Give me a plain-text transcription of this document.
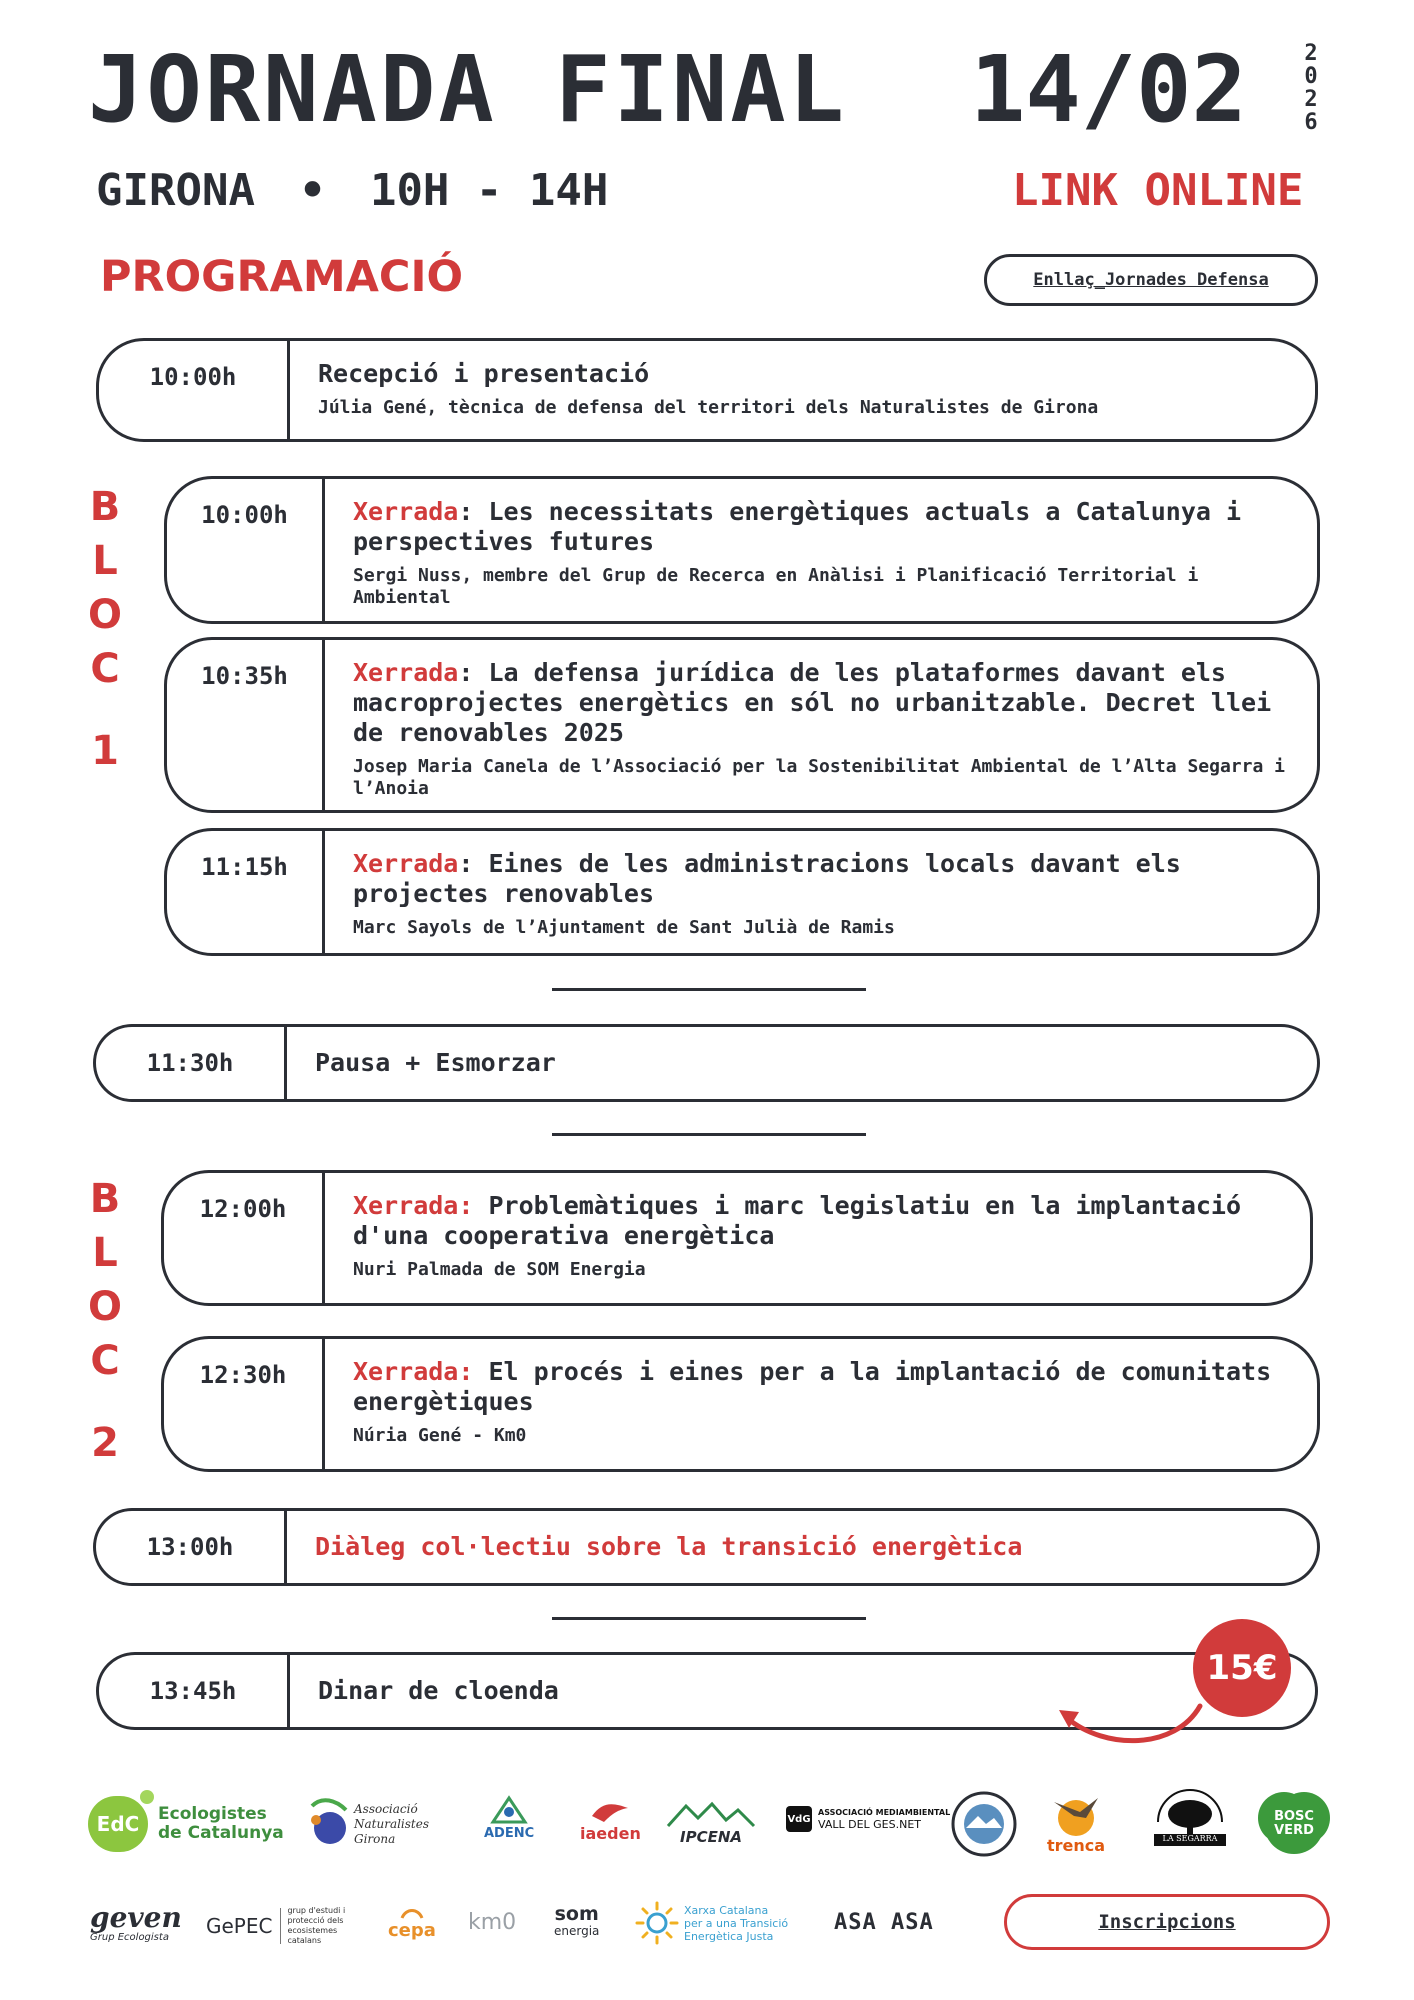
JORNADA FINAL 14/02	2
0
2
6
GIRONA • 10H - 14H	LINK ONLINE
PROGRAMACIÓ	Enllaç_Jornades Defensa
10:00h	Recepció i presentació
Júlia Gené, tècnica de defensa del territori dels Naturalistes de Girona
B
L
O
C
1
10:00h	Xerrada: Les necessitats energètiques actuals a Catalunya i perspectives futures
Sergi Nuss, membre del Grup de Recerca en Anàlisi i Planificació Territorial i Ambiental
10:35h	Xerrada: La defensa jurídica de les plataformes davant els macroprojectes energètics en sól no urbanitzable. Decret llei de renovables 2025
Josep Maria Canela de l’Associació per la Sostenibilitat Ambiental de l’Alta Segarra i l’Anoia
11:15h	Xerrada: Eines de les administracions locals davant els projectes renovables
Marc Sayols de l’Ajuntament de Sant Julià de Ramis
11:30h	Pausa + Esmorzar
B
L
O
C
2
12:00h	Xerrada: Problemàtiques i marc legislatiu en la implantació d'una cooperativa energètica
Nuri Palmada de SOM Energia
12:30h	Xerrada: El procés i eines per a la implantació de comunitats energètiques
Núria Gené - Km0
13:00h	Diàleg col·lectiu sobre la transició energètica
13:45h	Dinar de cloenda
15€
EdC Ecologistes
de Catalunya
Associació
Naturalistes
Girona	ADENC	iaeden	IPCENA
VdG
ASSOCIACIÓ MEDIAMBIENTAL
VALL DEL GES.NET
trenca	LA SEGARRA
BOSC
VERD
geven
Grup Ecologista GePEC
grup d'estudi i protecció dels ecosistemes catalans	cepa km0 som
energia
Xarxa Catalana
per a una Transició
Energètica Justa
ASA ASA	Inscripcions
